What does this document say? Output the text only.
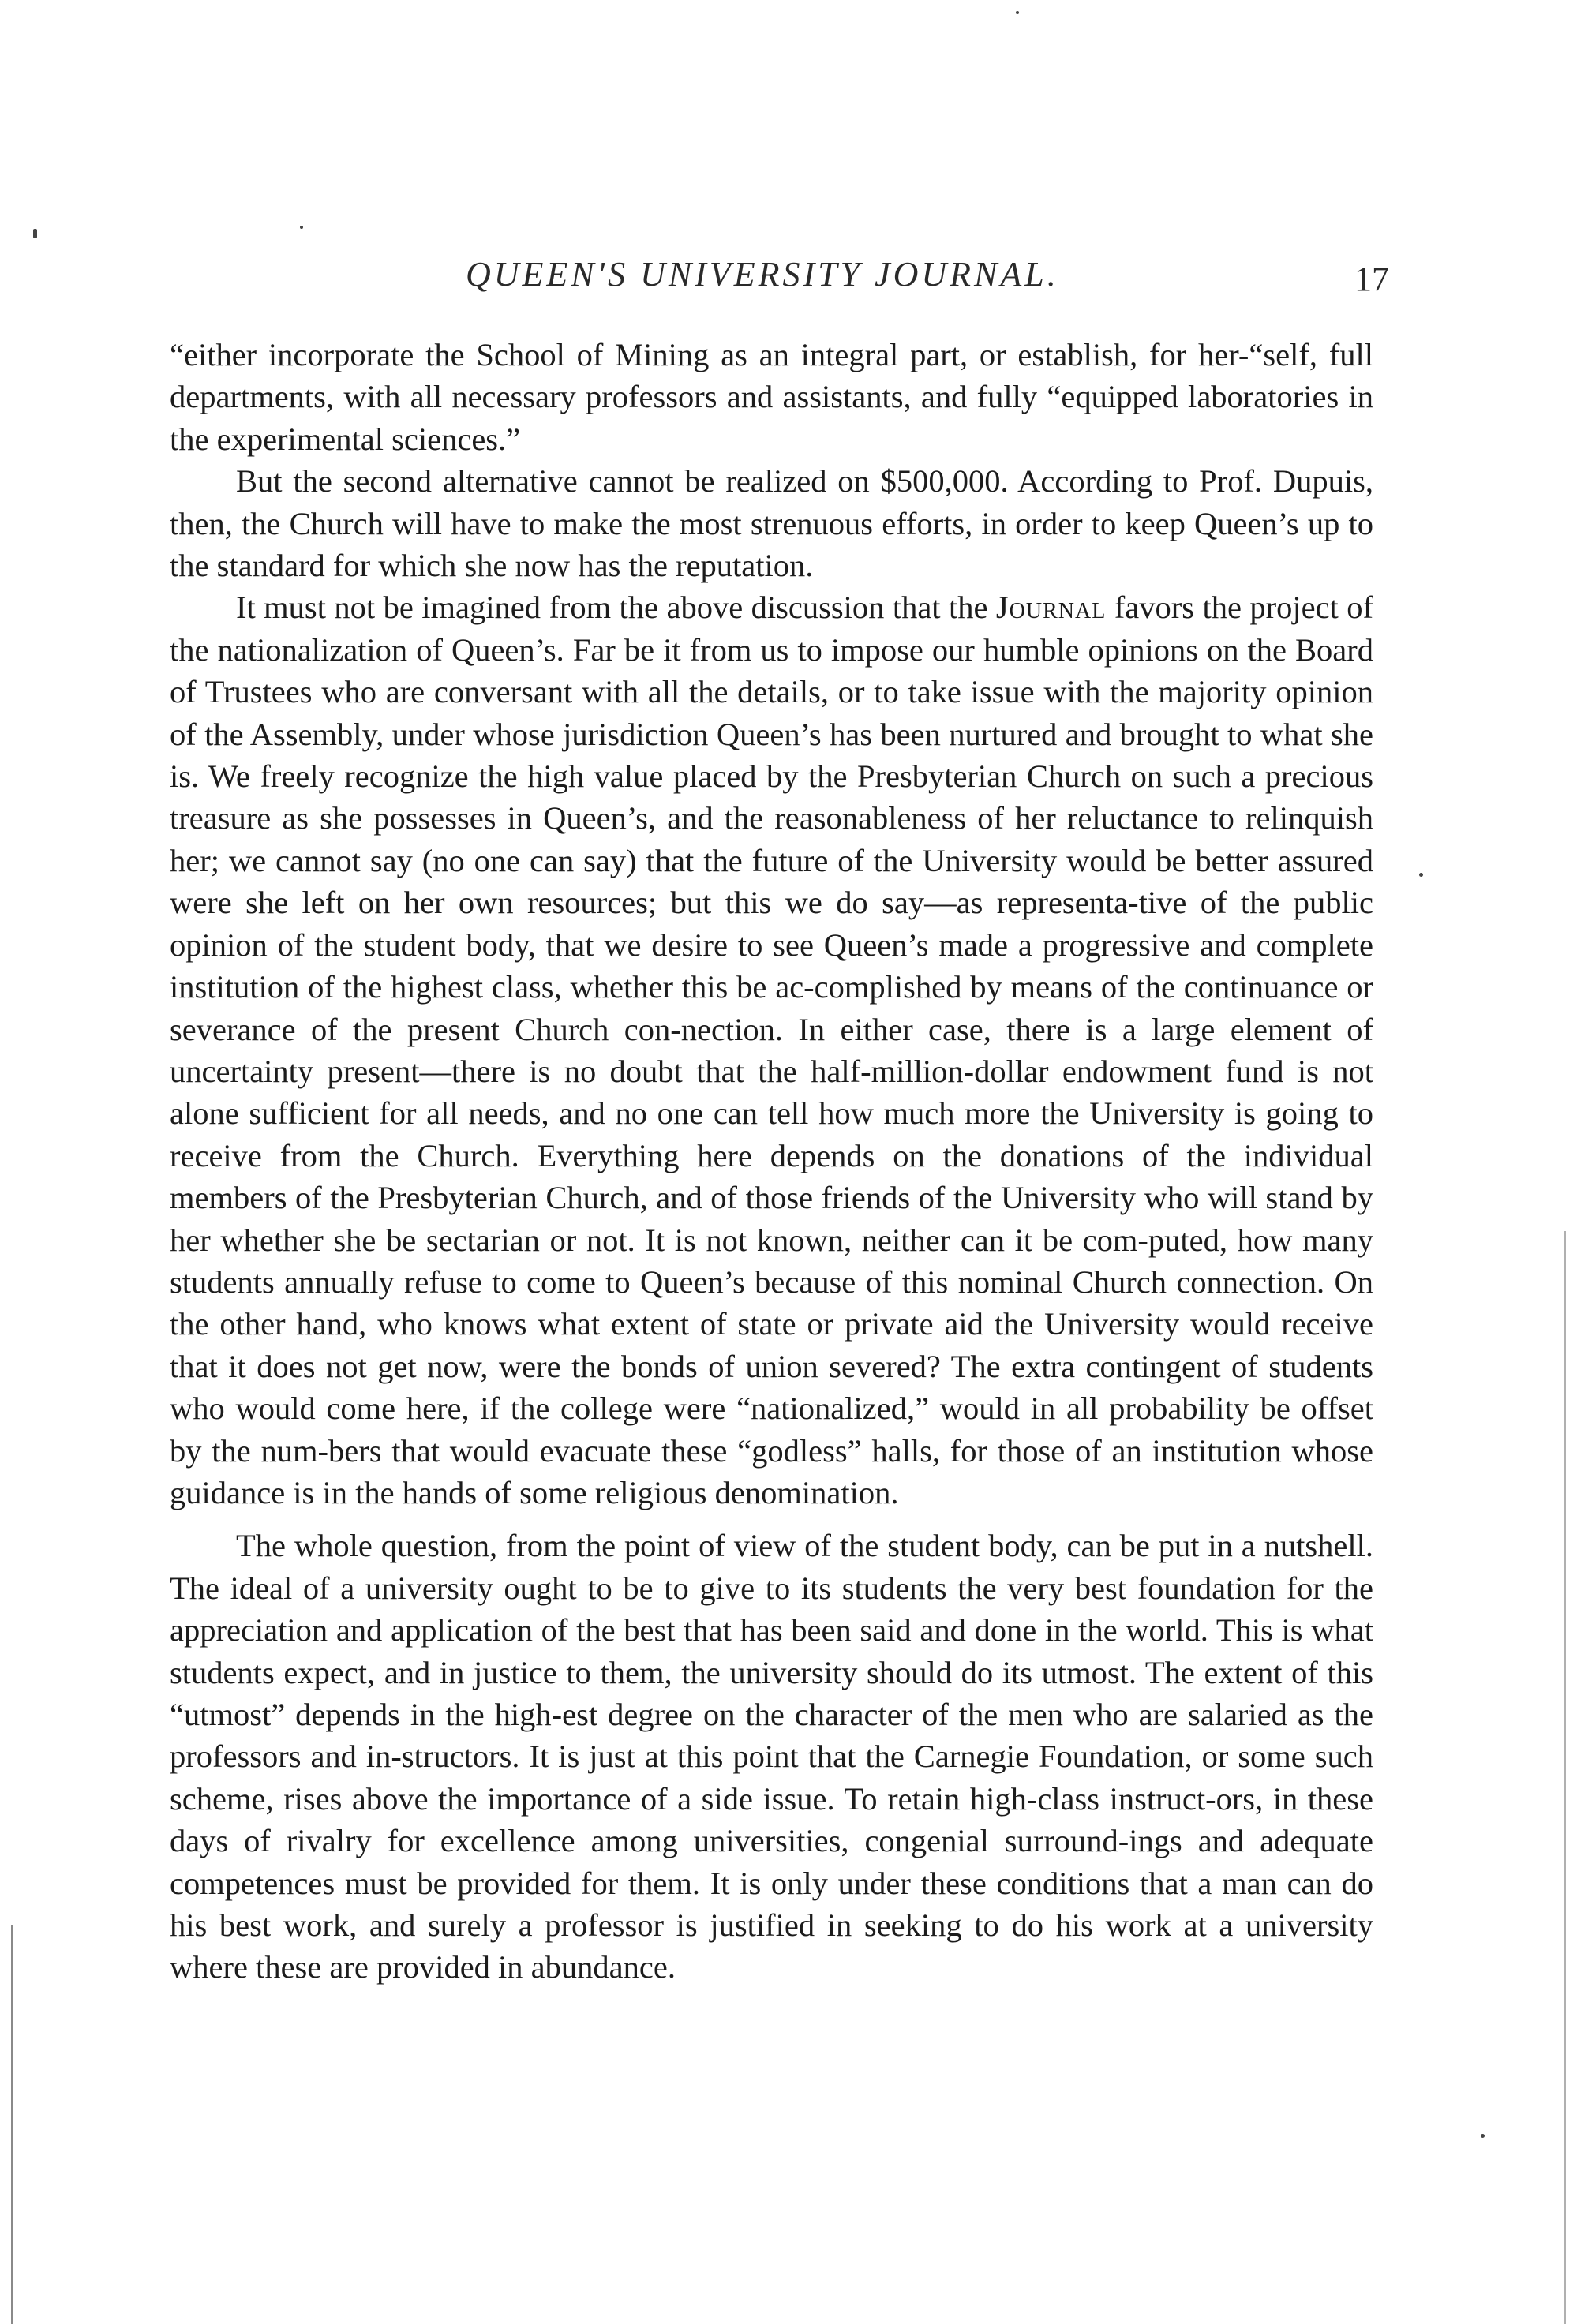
QUEEN'S UNIVERSITY JOURNAL.	17

“either incorporate the School of Mining as an integral part, or establish, for her-“self, full departments, with all necessary professors and assistants, and fully “equipped laboratories in the experimental sciences.”

But the second alternative cannot be realized on $500,000. According to Prof. Dupuis, then, the Church will have to make the most strenuous efforts, in order to keep Queen’s up to the standard for which she now has the reputation.

It must not be imagined from the above discussion that the Journal favors the project of the nationalization of Queen’s. Far be it from us to impose our humble opinions on the Board of Trustees who are conversant with all the details, or to take issue with the majority opinion of the Assembly, under whose jurisdiction Queen’s has been nurtured and brought to what she is. We freely recognize the high value placed by the Presbyterian Church on such a precious treasure as she possesses in Queen’s, and the reasonableness of her reluctance to relinquish her; we cannot say (no one can say) that the future of the University would be better assured were she left on her own resources; but this we do say—as representa-tive of the public opinion of the student body, that we desire to see Queen’s made a progressive and complete institution of the highest class, whether this be ac-complished by means of the continuance or severance of the present Church con-nection. In either case, there is a large element of uncertainty present—there is no doubt that the half-million-dollar endowment fund is not alone sufficient for all needs, and no one can tell how much more the University is going to receive from the Church. Everything here depends on the donations of the individual members of the Presbyterian Church, and of those friends of the University who will stand by her whether she be sectarian or not. It is not known, neither can it be com-puted, how many students annually refuse to come to Queen’s because of this nominal Church connection. On the other hand, who knows what extent of state or private aid the University would receive that it does not get now, were the bonds of union severed? The extra contingent of students who would come here, if the college were “nationalized,” would in all probability be offset by the num-bers that would evacuate these “godless” halls, for those of an institution whose guidance is in the hands of some religious denomination.

The whole question, from the point of view of the student body, can be put in a nutshell. The ideal of a university ought to be to give to its students the very best foundation for the appreciation and application of the best that has been said and done in the world. This is what students expect, and in justice to them, the university should do its utmost. The extent of this “utmost” depends in the high-est degree on the character of the men who are salaried as the professors and in-structors. It is just at this point that the Carnegie Foundation, or some such scheme, rises above the importance of a side issue. To retain high-class instruct-ors, in these days of rivalry for excellence among universities, congenial surround-ings and adequate competences must be provided for them. It is only under these conditions that a man can do his best work, and surely a professor is justified in seeking to do his work at a university where these are provided in abundance.
